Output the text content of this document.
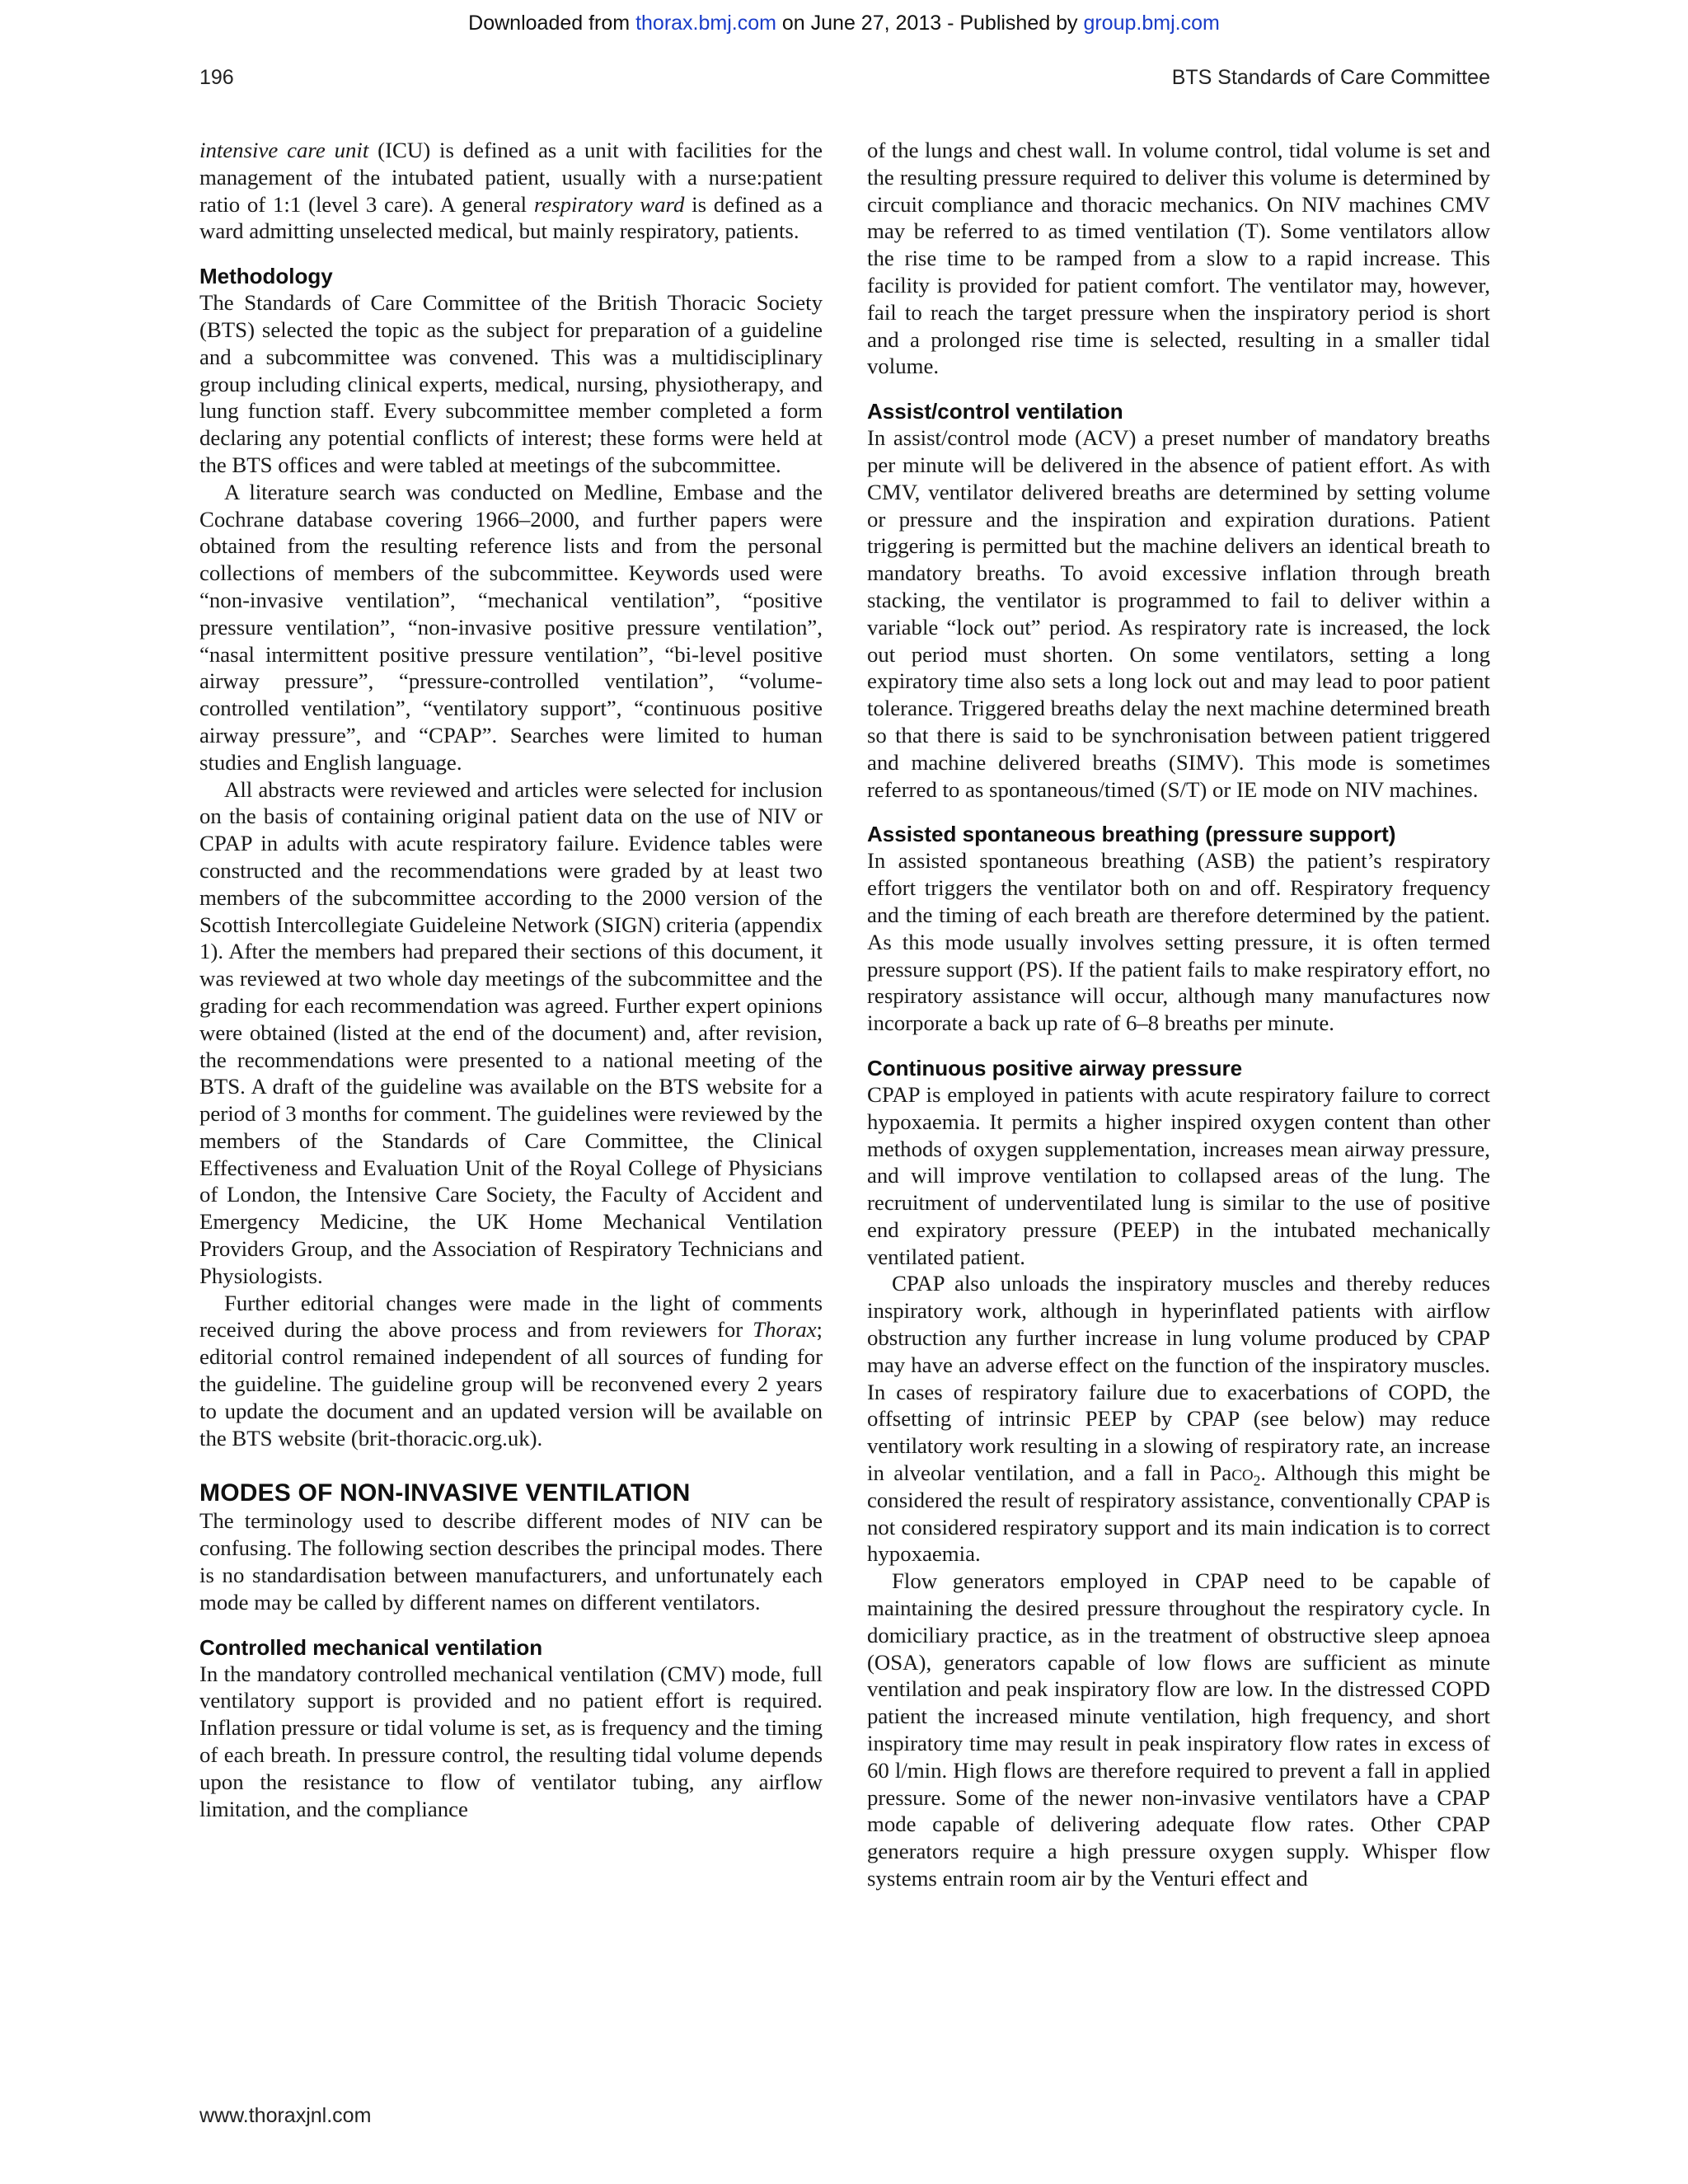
Downloaded from thorax.bmj.com on June 27, 2013 - Published by group.bmj.com
196	BTS Standards of Care Committee

intensive care unit (ICU) is defined as a unit with facilities for the management of the intubated patient, usually with a nurse:patient ratio of 1:1 (level 3 care). A general respiratory ward is defined as a ward admitting unselected medical, but mainly respiratory, patients.

Methodology

The Standards of Care Committee of the British Thoracic Society (BTS) selected the topic as the subject for preparation of a guideline and a subcommittee was convened. This was a multidisciplinary group including clinical experts, medical, nursing, physiotherapy, and lung function staff. Every subcommittee member completed a form declaring any potential conflicts of interest; these forms were held at the BTS offices and were tabled at meetings of the subcommittee.

A literature search was conducted on Medline, Embase and the Cochrane database covering 1966–2000, and further papers were obtained from the resulting reference lists and from the personal collections of members of the subcommittee. Keywords used were “non-invasive ventilation”, “mechanical ventilation”, “positive pressure ventilation”, “non-invasive positive pressure ventilation”, “nasal intermittent positive pressure ventilation”, “bi-level positive airway pressure”, “pressure-controlled ventilation”, “volume-controlled ventilation”, “ventilatory support”, “continuous positive airway pressure”, and “CPAP”. Searches were limited to human studies and English language.

All abstracts were reviewed and articles were selected for inclusion on the basis of containing original patient data on the use of NIV or CPAP in adults with acute respiratory failure. Evidence tables were constructed and the recommendations were graded by at least two members of the subcommittee according to the 2000 version of the Scottish Intercollegiate Guideleine Network (SIGN) criteria (appendix 1). After the members had prepared their sections of this document, it was reviewed at two whole day meetings of the subcommittee and the grading for each recommendation was agreed. Further expert opinions were obtained (listed at the end of the document) and, after revision, the recommendations were presented to a national meeting of the BTS. A draft of the guideline was available on the BTS website for a period of 3 months for comment. The guidelines were reviewed by the members of the Standards of Care Committee, the Clinical Effectiveness and Evaluation Unit of the Royal College of Physicians of London, the Intensive Care Society, the Faculty of Accident and Emergency Medicine, the UK Home Mechanical Ventilation Providers Group, and the Association of Respiratory Technicians and Physiologists.

Further editorial changes were made in the light of comments received during the above process and from reviewers for Thorax; editorial control remained independent of all sources of funding for the guideline. The guideline group will be reconvened every 2 years to update the document and an updated version will be available on the BTS website (brit-thoracic.org.uk).

MODES OF NON-INVASIVE VENTILATION

The terminology used to describe different modes of NIV can be confusing. The following section describes the principal modes. There is no standardisation between manufacturers, and unfortunately each mode may be called by different names on different ventilators.

Controlled mechanical ventilation

In the mandatory controlled mechanical ventilation (CMV) mode, full ventilatory support is provided and no patient effort is required. Inflation pressure or tidal volume is set, as is frequency and the timing of each breath. In pressure control, the resulting tidal volume depends upon the resistance to flow of ventilator tubing, any airflow limitation, and the compliance

of the lungs and chest wall. In volume control, tidal volume is set and the resulting pressure required to deliver this volume is determined by circuit compliance and thoracic mechanics. On NIV machines CMV may be referred to as timed ventilation (T). Some ventilators allow the rise time to be ramped from a slow to a rapid increase. This facility is provided for patient comfort. The ventilator may, however, fail to reach the target pressure when the inspiratory period is short and a prolonged rise time is selected, resulting in a smaller tidal volume.

Assist/control ventilation

In assist/control mode (ACV) a preset number of mandatory breaths per minute will be delivered in the absence of patient effort. As with CMV, ventilator delivered breaths are determined by setting volume or pressure and the inspiration and expiration durations. Patient triggering is permitted but the machine delivers an identical breath to mandatory breaths. To avoid excessive inflation through breath stacking, the ventilator is programmed to fail to deliver within a variable “lock out” period. As respiratory rate is increased, the lock out period must shorten. On some ventilators, setting a long expiratory time also sets a long lock out and may lead to poor patient tolerance. Triggered breaths delay the next machine determined breath so that there is said to be synchronisation between patient triggered and machine delivered breaths (SIMV). This mode is sometimes referred to as spontaneous/timed (S/T) or IE mode on NIV machines.

Assisted spontaneous breathing (pressure support)

In assisted spontaneous breathing (ASB) the patient’s respiratory effort triggers the ventilator both on and off. Respiratory frequency and the timing of each breath are therefore determined by the patient. As this mode usually involves setting pressure, it is often termed pressure support (PS). If the patient fails to make respiratory effort, no respiratory assistance will occur, although many manufactures now incorporate a back up rate of 6–8 breaths per minute.

Continuous positive airway pressure

CPAP is employed in patients with acute respiratory failure to correct hypoxaemia. It permits a higher inspired oxygen content than other methods of oxygen supplementation, increases mean airway pressure, and will improve ventilation to collapsed areas of the lung. The recruitment of underventilated lung is similar to the use of positive end expiratory pressure (PEEP) in the intubated mechanically ventilated patient.

CPAP also unloads the inspiratory muscles and thereby reduces inspiratory work, although in hyperinflated patients with airflow obstruction any further increase in lung volume produced by CPAP may have an adverse effect on the function of the inspiratory muscles. In cases of respiratory failure due to exacerbations of COPD, the offsetting of intrinsic PEEP by CPAP (see below) may reduce ventilatory work resulting in a slowing of respiratory rate, an increase in alveolar ventilation, and a fall in Paco$_2$. Although this might be considered the result of respiratory assistance, conventionally CPAP is not considered respiratory support and its main indication is to correct hypoxaemia.

Flow generators employed in CPAP need to be capable of maintaining the desired pressure throughout the respiratory cycle. In domiciliary practice, as in the treatment of obstructive sleep apnoea (OSA), generators capable of low flows are sufficient as minute ventilation and peak inspiratory flow are low. In the distressed COPD patient the increased minute ventilation, high frequency, and short inspiratory time may result in peak inspiratory flow rates in excess of 60 l/min. High flows are therefore required to prevent a fall in applied pressure. Some of the newer non-invasive ventilators have a CPAP mode capable of delivering adequate flow rates. Other CPAP generators require a high pressure oxygen supply. Whisper flow systems entrain room air by the Venturi effect and

www.thoraxjnl.com
